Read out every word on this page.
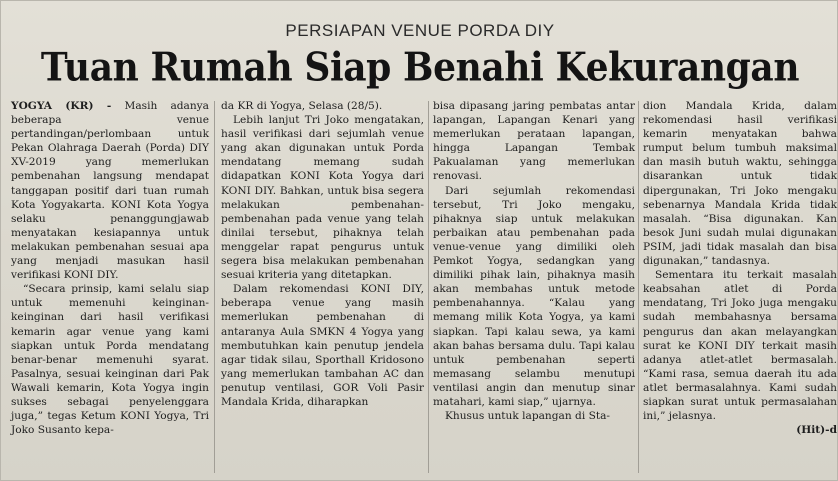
PERSIAPAN VENUE PORDA DIY
Tuan Rumah Siap Benahi Kekurangan

YOGYA (KR) - Masih adanya beberapa venue pertandingan/perlombaan untuk Pekan Olahraga Daerah (Porda) DIY XV-2019 yang memerlukan pembenahan langsung mendapat tanggapan positif dari tuan rumah Kota Yogyakarta. KONI Kota Yogya selaku penanggungjawab menyatakan kesiapannya untuk melakukan pembenahan sesuai apa yang menjadi masukan hasil verifikasi KONI DIY.

“Secara prinsip, kami selalu siap untuk memenuhi keinginan-keinginan dari hasil verifikasi kemarin agar venue yang kami siapkan untuk Porda mendatang benar-benar memenuhi syarat. Pasalnya, sesuai keinginan dari Pak Wawali kemarin, Kota Yogya ingin sukses sebagai penyelenggara juga,” tegas Ketum KONI Yogya, Tri Joko Susanto kepa-

da KR di Yogya, Selasa (28/5).

Lebih lanjut Tri Joko mengatakan, hasil verifikasi dari sejumlah venue yang akan digunakan untuk Porda mendatang memang sudah didapatkan KONI Kota Yogya dari KONI DIY. Bahkan, untuk bisa segera melakukan pembenahan-pembenahan pada venue yang telah dinilai tersebut, pihaknya telah menggelar rapat pengurus untuk segera bisa melakukan pembenahan sesuai kriteria yang ditetapkan.

Dalam rekomendasi KONI DIY, beberapa venue yang masih memerlukan pembenahan di antaranya Aula SMKN 4 Yogya yang membutuhkan kain penutup jendela agar tidak silau, Sporthall Kridosono yang memerlukan tambahan AC dan penutup ventilasi, GOR Voli Pasir Mandala Krida, diharapkan

bisa dipasang jaring pembatas antar lapangan, Lapangan Kenari yang memerlukan perataan lapangan, hingga Lapangan Tembak Pakualaman yang memerlukan renovasi.

Dari sejumlah rekomendasi tersebut, Tri Joko mengaku, pihaknya siap untuk melakukan perbaikan atau pembenahan pada venue-venue yang dimiliki oleh Pemkot Yogya, sedangkan yang dimiliki pihak lain, pihaknya masih akan membahas untuk metode pembenahannya. “Kalau yang memang milik Kota Yogya, ya kami siapkan. Tapi kalau sewa, ya kami akan bahas bersama dulu. Tapi kalau untuk pembenahan seperti memasang selambu menutupi ventilasi angin dan menutup sinar matahari, kami siap,” ujarnya.

Khusus untuk lapangan di Sta-

dion Mandala Krida, dalam rekomendasi hasil verifikasi kemarin menyatakan bahwa rumput belum tumbuh maksimal dan masih butuh waktu, sehingga disarankan untuk tidak dipergunakan, Tri Joko mengaku sebenarnya Mandala Krida tidak masalah. “Bisa digunakan. Kan besok Juni sudah mulai digunakan PSIM, jadi tidak masalah dan bisa digunakan,” tandasnya.

Sementara itu terkait masalah keabsahan atlet di Porda mendatang, Tri Joko juga mengaku sudah membahasnya bersama pengurus dan akan melayangkan surat ke KONI DIY terkait masih adanya atlet-atlet bermasalah. “Kami rasa, semua daerah itu ada atlet bermasalahnya. Kami sudah siapkan surat untuk permasalahan ini,” jelasnya.

(Hit)-d
